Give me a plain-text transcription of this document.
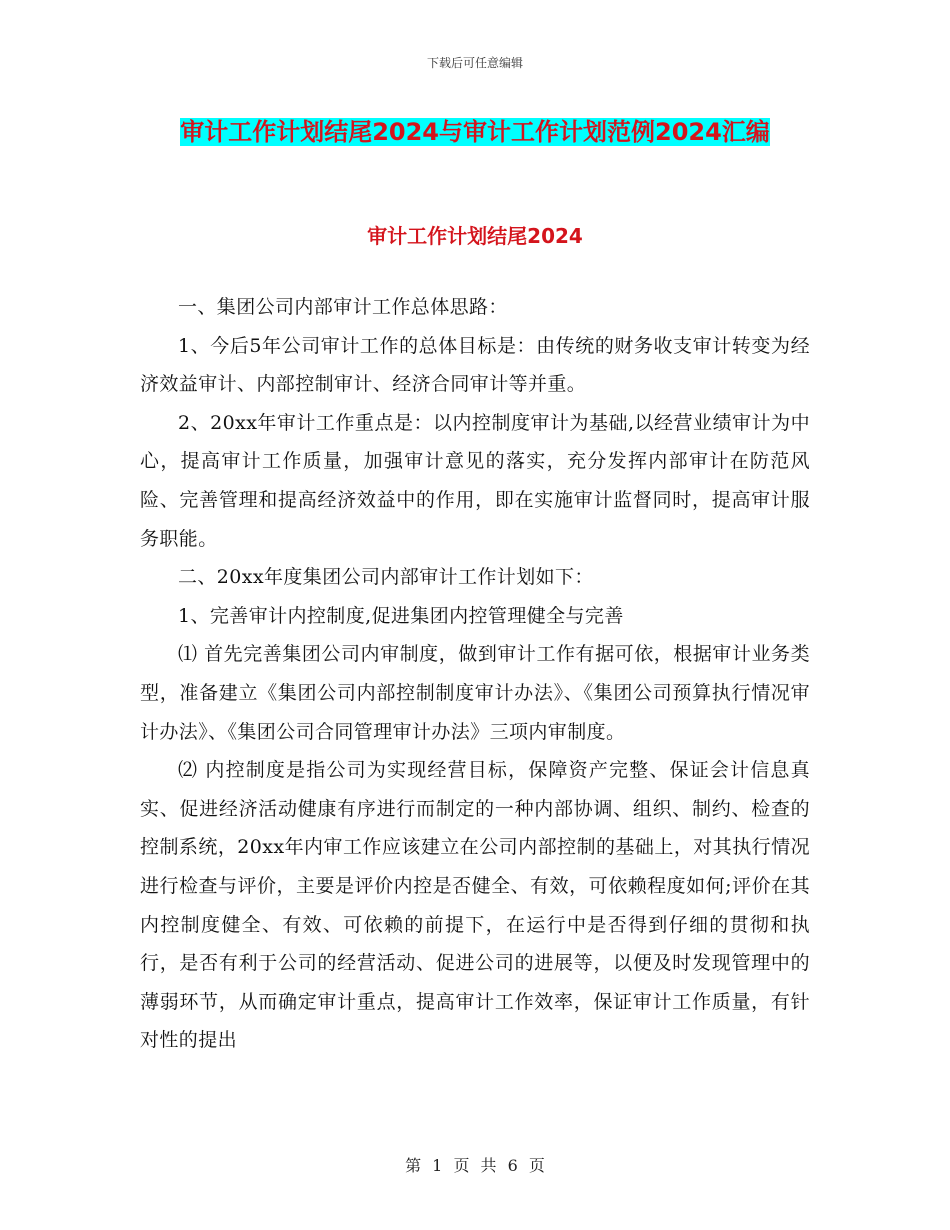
下载后可任意编辑
审计工作计划结尾2024与审计工作计划范例2024汇编
审计工作计划结尾2024

一、集团公司内部审计工作总体思路：

1、今后5年公司审计工作的总体目标是：由传统的财务收支审计转变为经济效益审计、内部控制审计、经济合同审计等并重。

2、20xx年审计工作重点是：以内控制度审计为基础,以经营业绩审计为中心，提高审计工作质量，加强审计意见的落实，充分发挥内部审计在防范风险、完善管理和提高经济效益中的作用，即在实施审计监督同时，提高审计服务职能。

二、20xx年度集团公司内部审计工作计划如下：

1、完善审计内控制度,促进集团内控管理健全与完善

⑴ 首先完善集团公司内审制度，做到审计工作有据可依，根据审计业务类型，准备建立《集团公司内部控制制度审计办法》、《集团公司预算执行情况审计办法》、《集团公司合同管理审计办法》三项内审制度。

⑵ 内控制度是指公司为实现经营目标，保障资产完整、保证会计信息真实、促进经济活动健康有序进行而制定的一种内部协调、组织、制约、检查的控制系统，20xx年内审工作应该建立在公司内部控制的基础上，对其执行情况进行检查与评价，主要是评价内控是否健全、有效，可依赖程度如何;评价在其内控制度健全、有效、可依赖的前提下，在运行中是否得到仔细的贯彻和执行，是否有利于公司的经营活动、促进公司的进展等，以便及时发现管理中的薄弱环节，从而确定审计重点，提高审计工作效率，保证审计工作质量，有针对性的提出

第 1 页 共 6 页
